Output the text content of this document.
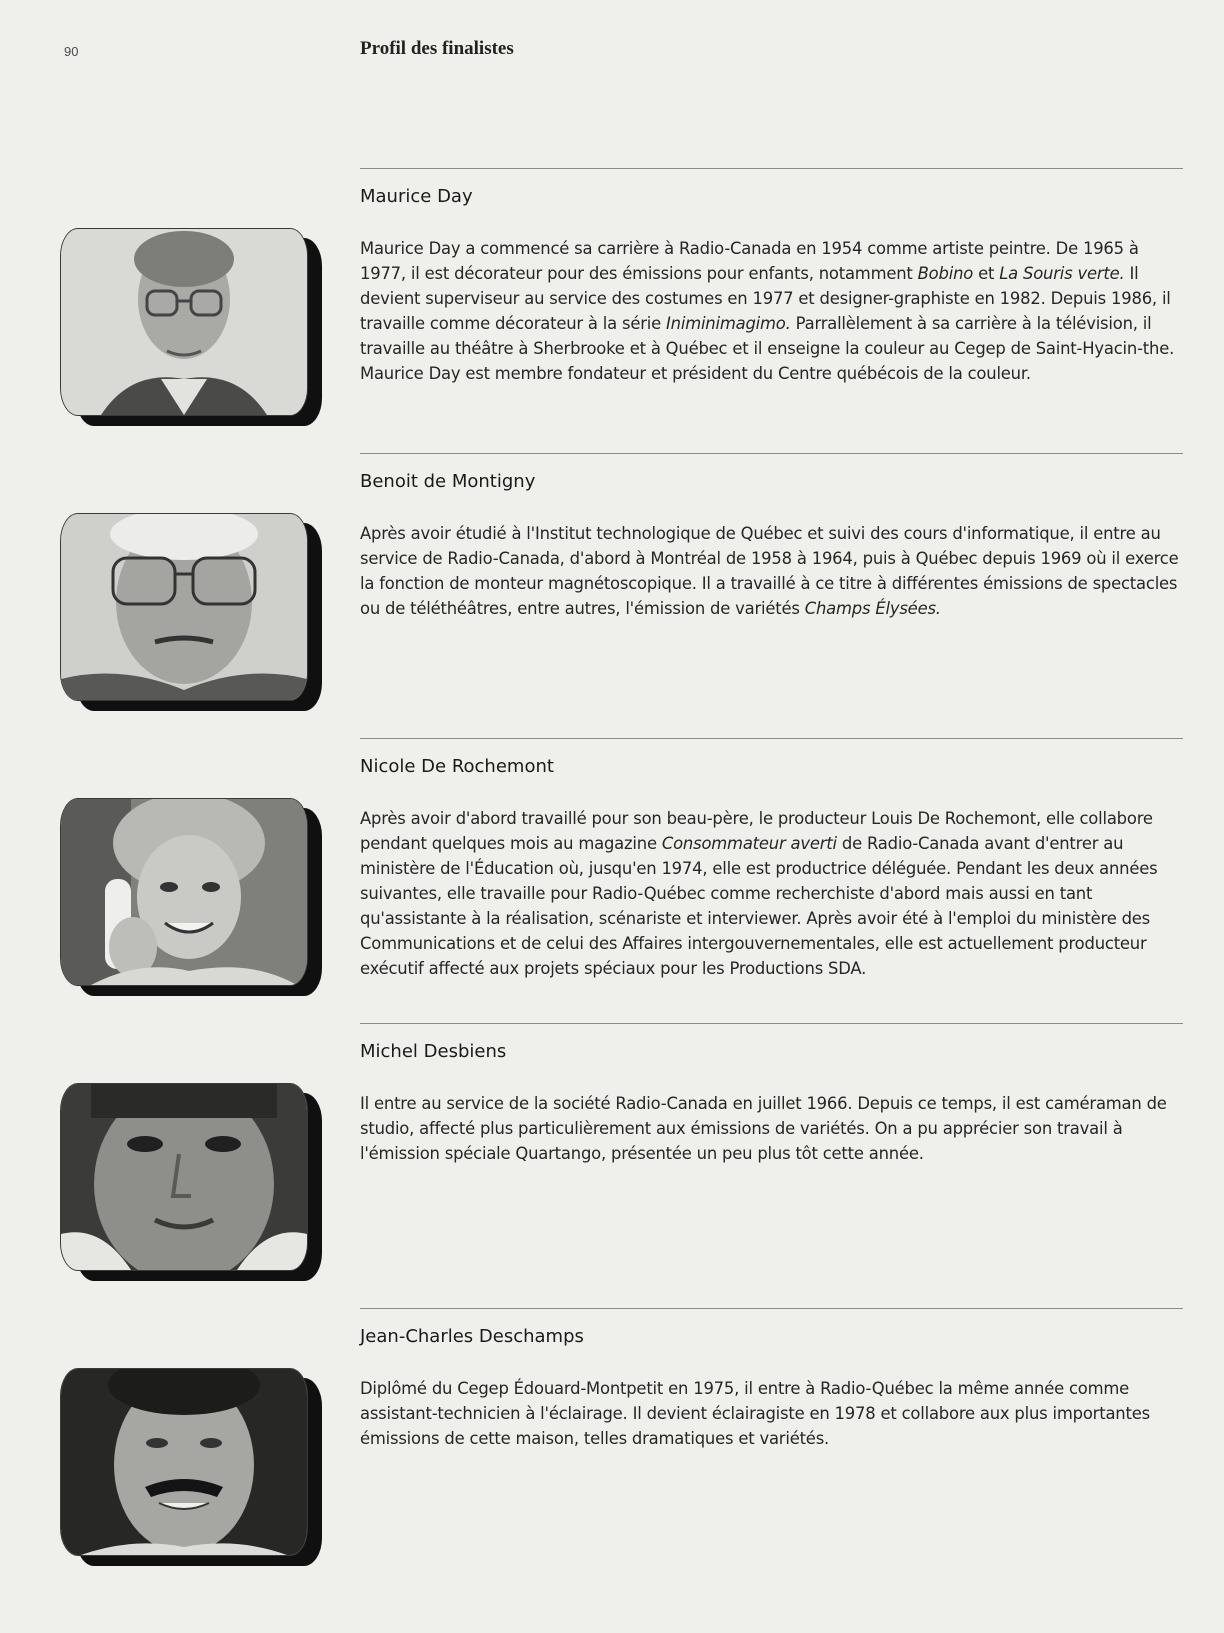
90	Profil des finalistes
Maurice Day

Maurice Day a commencé sa carrière à Radio-Canada en 1954 comme artiste peintre. De 1965 à 1977, il est décorateur pour des émissions pour enfants, notamment Bobino et La Souris verte. Il devient superviseur au service des costumes en 1977 et designer-graphiste en 1982. Depuis 1986, il travaille comme décorateur à la série Iniminimagimo. Parrallèlement à sa carrière à la télévision, il travaille au théâtre à Sherbrooke et à Québec et il enseigne la couleur au Cegep de Saint-Hyacin-the. Maurice Day est membre fondateur et président du Centre québécois de la couleur.

Benoit de Montigny

Après avoir étudié à l'Institut technologique de Québec et suivi des cours d'informatique, il entre au service de Radio-Canada, d'abord à Montréal de 1958 à 1964, puis à Québec depuis 1969 où il exerce la fonction de monteur magnétoscopique. Il a travaillé à ce titre à différentes émissions de spectacles ou de téléthéâtres, entre autres, l'émission de variétés Champs Élysées.

Nicole De Rochemont

Après avoir d'abord travaillé pour son beau-père, le producteur Louis De Rochemont, elle collabore pendant quelques mois au magazine Consommateur averti de Radio-Canada avant d'entrer au ministère de l'Éducation où, jusqu'en 1974, elle est productrice déléguée. Pendant les deux années suivantes, elle travaille pour Radio-Québec comme recherchiste d'abord mais aussi en tant qu'assistante à la réalisation, scénariste et interviewer. Après avoir été à l'emploi du ministère des Communications et de celui des Affaires intergouvernementales, elle est actuellement producteur exécutif affecté aux projets spéciaux pour les Productions SDA.

Michel Desbiens

Il entre au service de la société Radio-Canada en juillet 1966. Depuis ce temps, il est caméraman de studio, affecté plus particulièrement aux émissions de variétés. On a pu apprécier son travail à l'émission spéciale Quartango, présentée un peu plus tôt cette année.

Jean-Charles Deschamps

Diplômé du Cegep Édouard-Montpetit en 1975, il entre à Radio-Québec la même année comme assistant-technicien à l'éclairage. Il devient éclairagiste en 1978 et collabore aux plus importantes émissions de cette maison, telles dramatiques et variétés.
